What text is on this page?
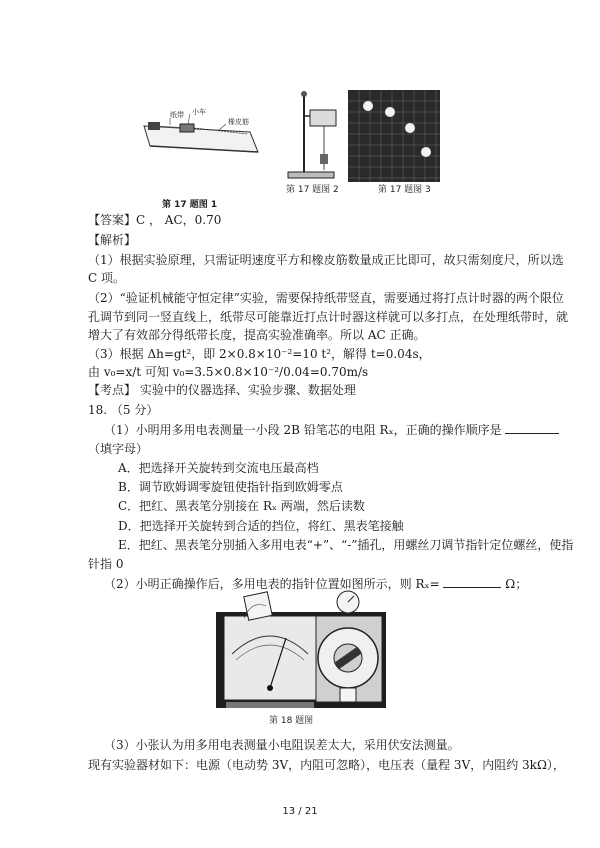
纸带 小车
橡皮筋
第 17 题图 1
第 17 题图 2	第 17 题图 3
【答案】C ， AC，0.70
【解析】
（1）根据实验原理，只需证明速度平方和橡皮筋数量成正比即可，故只需刻度尺，所以选
C 项。
（2）“验证机械能守恒定律”实验，需要保持纸带竖直，需要通过将打点计时器的两个限位
孔调节到同一竖直线上，纸带尽可能靠近打点计时器这样就可以多打点，在处理纸带时，就
增大了有效部分得纸带长度，提高实验准确率。所以 AC 正确。
（3）根据 Δh=gt²，即 2×0.8×10⁻²=10 t²，解得 t=0.04s，
由 v₀=x/t 可知 v₀=3.5×0.8×10⁻²/0.04=0.70m/s
【考点】 实验中的仪器选择、实验步骤、数据处理
18. （5 分）
（1）小明用多用电表测量一小段 2B 铅笔芯的电阻 Rₓ，正确的操作顺序是
（填字母）
A．把选择开关旋转到交流电压最高档
B．调节欧姆调零旋钮使指针指到欧姆零点
C．把红、黑表笔分别接在 Rₓ 两端，然后读数
D．把选择开关旋转到合适的挡位，将红、黑表笔接触
E．把红、黑表笔分别插入多用电表“+”、“-”插孔，用螺丝刀调节指针定位螺丝，使指
针指 0
（2）小明正确操作后，多用电表的指针位置如图所示，则 Rₓ=	Ω；
第 18 题图
（3）小张认为用多用电表测量小电阻误差太大，采用伏安法测量。
现有实验器材如下：电源（电动势 3V，内阻可忽略），电压表（量程 3V，内阻约 3kΩ），
13 / 21
